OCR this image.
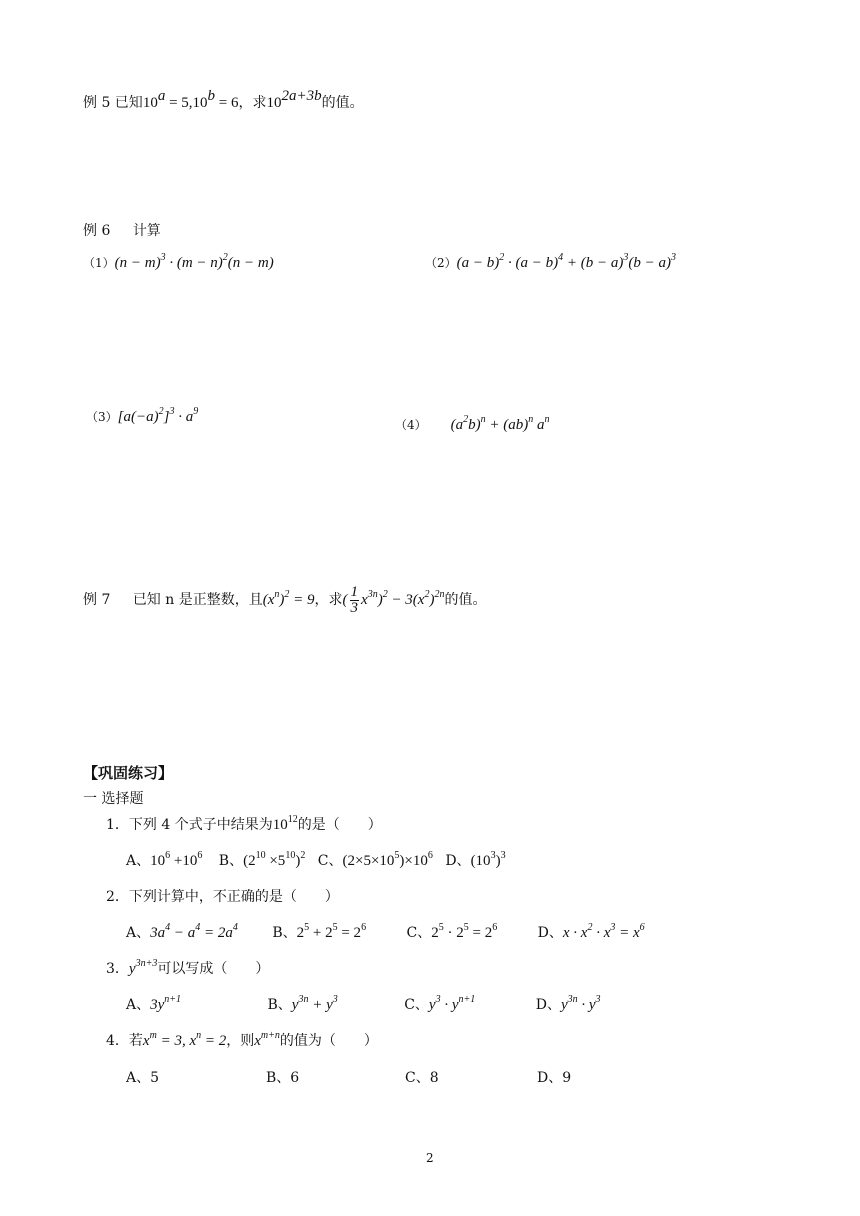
例 5 已知$10^a = 5,10^b = 6$，求$10^{2a+3b}$的值。
例 6 计算
$(1)(n - m)^3 \cdot (m - n)^2(n - m)$	$(2)(a - b)^2 \cdot (a - b)^4 + (b - a)^3(b - a)^3$
$(3)[a(-a)^2]^3 \cdot a^9$
（4） $(a^2b)^n + (ab)^n$ $a^n$
例 7 已知 n 是正整数，且$(x^n)^2 = 9$，求( $\frac{1}{3} x^{3n})^2 - 3(x^2)^{2n}$的值。
【巩固练习】
一 选择题
1．下列 4 个式子中结果为$10^{12}$的是（　　）
A、$10^6 +10^6$ B、$(2^{10} \times 5^{10})^2$ C、$(2\times 5\times 10^5)\times 10^6$ D、$(10^3)^3$
2．下列计算中，不正确的是（　　）
A、$3a^4 - a^4 = 2a^4$ B、$2^5 + 2^5 = 2^6$	C、$2^5 \cdot 2^5 = 2^6$	D、$x \cdot x^2 \cdot x^3 = x^6$
3．$y^{3n+3}$可以写成（　　）
A、$3y^{n+1}$	B、$y^{3n} + y^3$	C、$y^3 \cdot y^{n+1}$	D、$y^{3n} \cdot y^3$
4．若$x^m = 3$, $x^n = 2$，则$x^{m+n}$的值为（　　）
A、5	B、6	C、8	D、9
2
